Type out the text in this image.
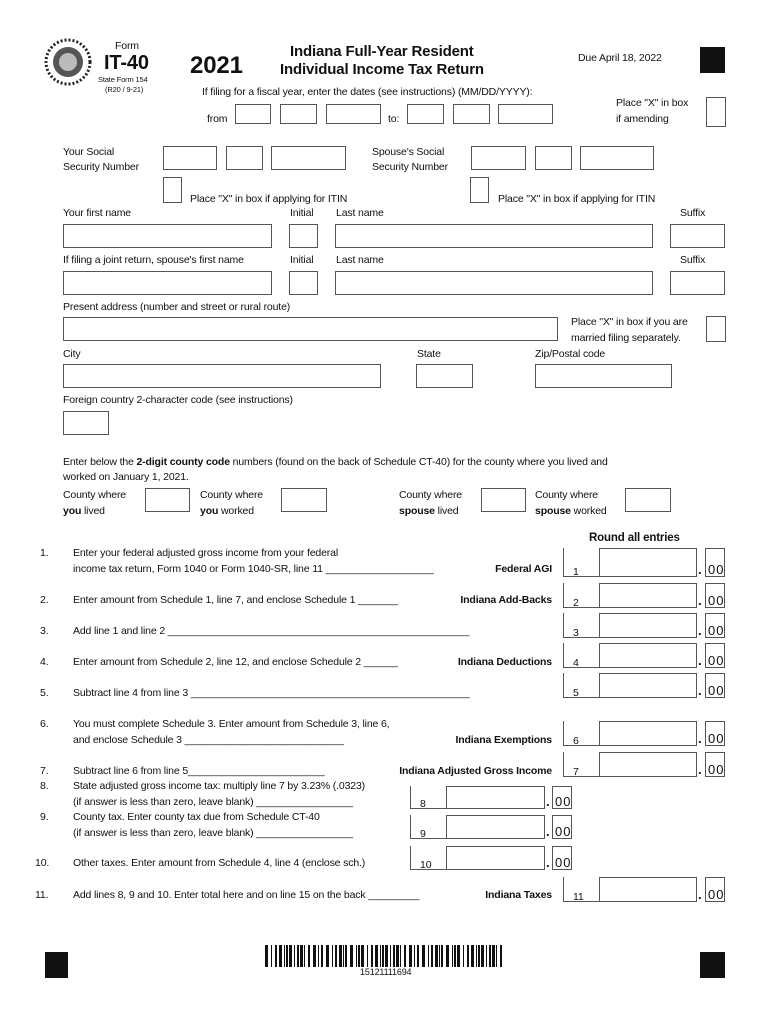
Form
IT-40
State Form 154
(R20 / 9-21)
2021
Indiana Full-Year Resident
Individual Income Tax Return
Due April 18, 2022
If filing for a fiscal year, enter the dates (see instructions) (MM/DD/YYYY):
from	to:
Place "X" in box
if amending
Your Social
Security Number
Spouse's Social
Security Number
Place "X" in box if applying for ITIN	Place "X" in box if applying for ITIN
Your first name	Initial Last name	Suffix
If filing a joint return, spouse's first name	Initial Last name	Suffix
Present address (number and street or rural route)
Place "X" in box if you are
married filing separately.
City	State	Zip/Postal code
Foreign country 2-character code (see instructions)
Enter below the 2-digit county code numbers (found on the back of Schedule CT-40) for the county where you lived and
worked on January 1, 2021.
County where
you lived
County where
you worked
County where
spouse lived
County where
spouse worked
Round all entries
1. Enter your federal adjusted gross income from your federal
income tax return, Form 1040 or Form 1040-SR, line 11 ___________________	Federal AGI 1	. 00
2. Enter amount from Schedule 1, line 7, and enclose Schedule 1 _______	Indiana Add-Backs 2	. 00
3. Add line 1 and line 2 _____________________________________________________	3	. 00
4. Enter amount from Schedule 2, line 12, and enclose Schedule 2 ______	Indiana Deductions 4	. 00
5. Subtract line 4 from line 3 _________________________________________________	5	. 00
6. You must complete Schedule 3. Enter amount from Schedule 3, line 6,
and enclose Schedule 3 ____________________________	Indiana Exemptions 6	. 00
7. Subtract line 6 from line 5________________________	Indiana Adjusted Gross Income 7	. 00
8. State adjusted gross income tax: multiply line 7 by 3.23% (.0323)
(if answer is less than zero, leave blank) _________________	8	. 00
9. County tax. Enter county tax due from Schedule CT-40
(if answer is less than zero, leave blank) _________________	9	. 00
10. Other taxes. Enter amount from Schedule 4, line 4 (enclose sch.)	10	. 00
11. Add lines 8, 9 and 10. Enter total here and on line 15 on the back _________	Indiana Taxes 11	. 00
15121111694
